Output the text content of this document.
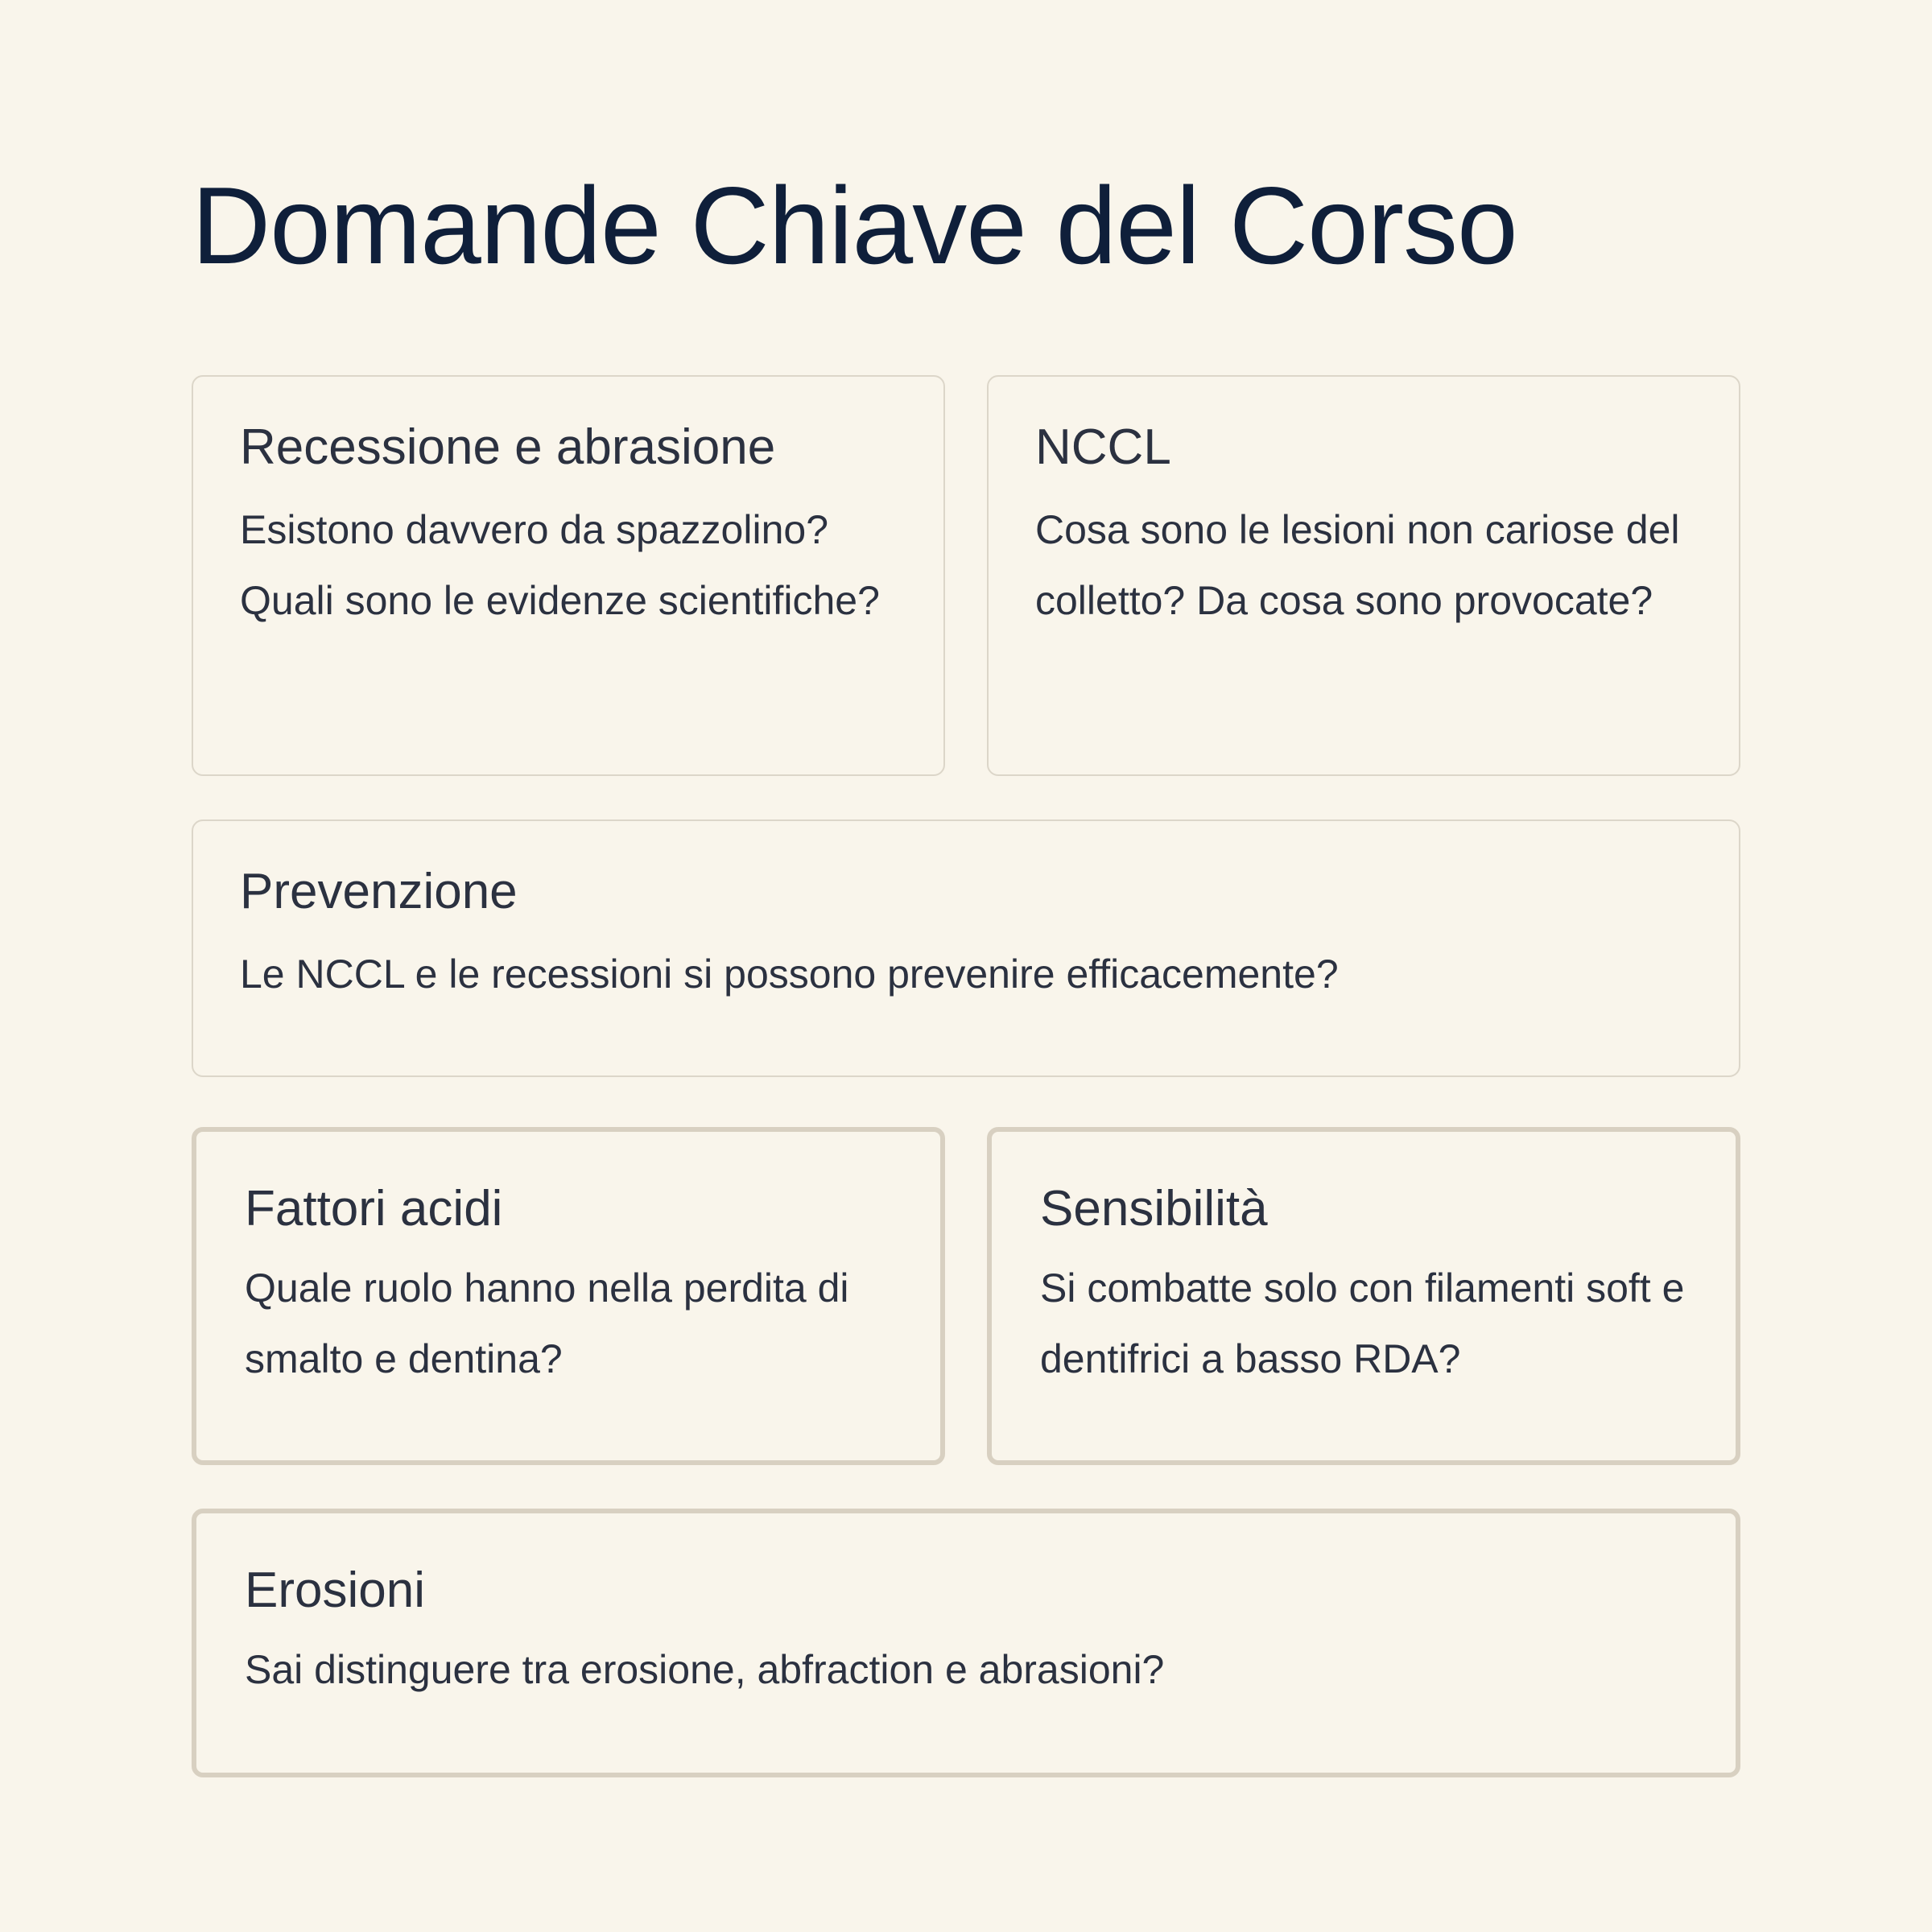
Domande Chiave del Corso
Recessione e abrasione

Esistono davvero da spazzolino? Quali sono le evidenze scientifiche?

NCCL

Cosa sono le lesioni non cariose del colletto? Da cosa sono provocate?

Prevenzione

Le NCCL e le recessioni si possono prevenire efficacemente?

Fattori acidi

Quale ruolo hanno nella perdita di smalto e dentina?

Sensibilità

Si combatte solo con filamenti soft e dentifrici a basso RDA?

Erosioni

Sai distinguere tra erosione, abfraction e abrasioni?
